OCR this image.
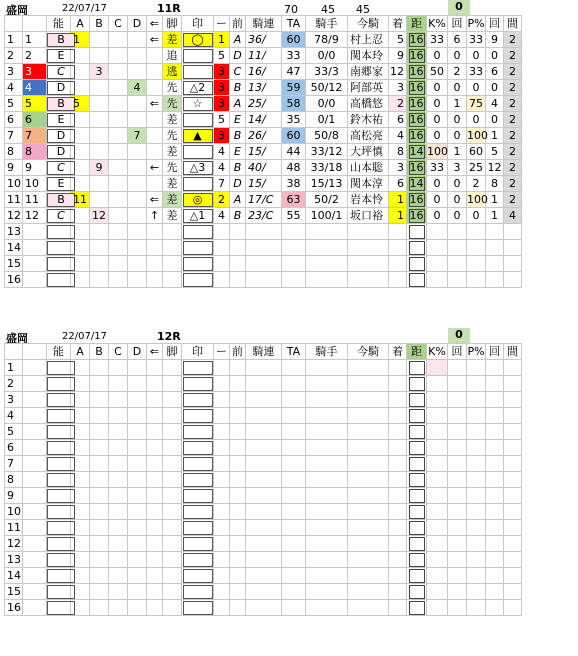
盛岡	22/07/17	11R	70 45 45	0
		能	A	B	C	D	⇐	脚	印	ー	前	騎連	TA	騎手	今騎	着	距	K%	回	P%	回	間
1	1	B	1				⇐	差	◯	1	A	36/	60	78/9	村上忍	5	16	33	6	33	9	2
2	2	E						追		5	D	11/	33	0/0	関本玲	9	16	0	0	0	0	2
3	3	C		3				逃		3	C	16/	47	33/3	南郷家	12	16	50	2	33	6	2
4	4	D				4		先	△2	3	B	13/	59	50/12	阿部英	3	16	0	0	0	0	2
5	5	B	5				⇐	先	☆	3	A	25/	58	0/0	高橋悠	2	16	0	1	75	4	2
6	6	E						差		5	E	14/	35	0/1	鈴木祐	6	16	0	0	0	0	2
7	7	D				7		先	▲	3	B	26/	60	50/8	高松亮	4	16	0	0	100	1	2
8	8	D						差		4	E	15/	44	33/12	大坪慎	8	14	100	1	60	5	2
9	9	C		9			←	先	△3	4	B	40/	48	33/18	山本聡	3	16	33	3	25	12	2
10	10	E						差		7	D	15/	38	15/13	関本淳	6	14	0	0	2	8	2
11	11	B	11				⇐	差	◎	2	A	17/C	63	50/2	岩本怜	1	16	0	0	100	1	2
12	12	C		12			↑	差	△1	4	B	23/C	55	100/1	坂口裕	1	16	0	0	0	1	4
13																						
14																						
15																						
16																						
盛岡	22/07/17	12R	0
		能	A	B	C	D	⇐	脚	印	ー	前	騎連	TA	騎手	今騎	着	距	K%	回	P%	回	間
1																						
2																						
3																						
4																						
5																						
6																						
7																						
8																						
9																						
10																						
11																						
12																						
13																						
14																						
15																						
16																						
